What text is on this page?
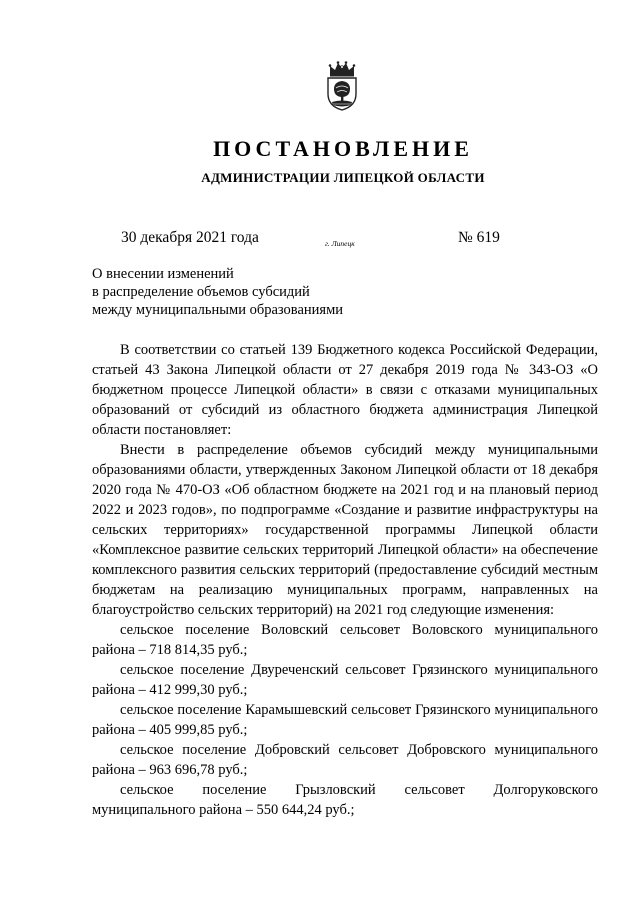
ПОСТАНОВЛЕНИЕ
АДМИНИСТРАЦИИ ЛИПЕЦКОЙ ОБЛАСТИ
30 декабря 2021 года	г. Липецк	№ 619
О внесении изменений
в распределение объемов субсидий
между муниципальными образованиями

В соответствии со статьей 139 Бюджетного кодекса Российской Федерации, статьей 43 Закона Липецкой области от 27 декабря 2019 года № 343-ОЗ «О бюджетном процессе Липецкой области» в связи с отказами муниципальных образований от субсидий из областного бюджета администрация Липецкой области постановляет:

Внести в распределение объемов субсидий между муниципальными образованиями области, утвержденных Законом Липецкой области от 18 декабря 2020 года № 470-ОЗ «Об областном бюджете на 2021 год и на плановый период 2022 и 2023 годов», по подпрограмме «Создание и развитие инфраструктуры на сельских территориях» государственной программы Липецкой области «Комплексное развитие сельских территорий Липецкой области» на обеспечение комплексного развития сельских территорий (предоставление субсидий местным бюджетам на реализацию муниципальных программ, направленных на благоустройство сельских территорий) на 2021 год следующие изменения:

сельское поселение Воловский сельсовет Воловского муниципального района – 718 814,35 руб.;

сельское поселение Двуреченский сельсовет Грязинского муниципального района – 412 999,30 руб.;

сельское поселение Карамышевский сельсовет Грязинского муниципального района – 405 999,85 руб.;

сельское поселение Добровский сельсовет Добровского муниципального района – 963 696,78 руб.;

сельское поселение Грызловский сельсовет Долгоруковского муниципального района – 550 644,24 руб.;
